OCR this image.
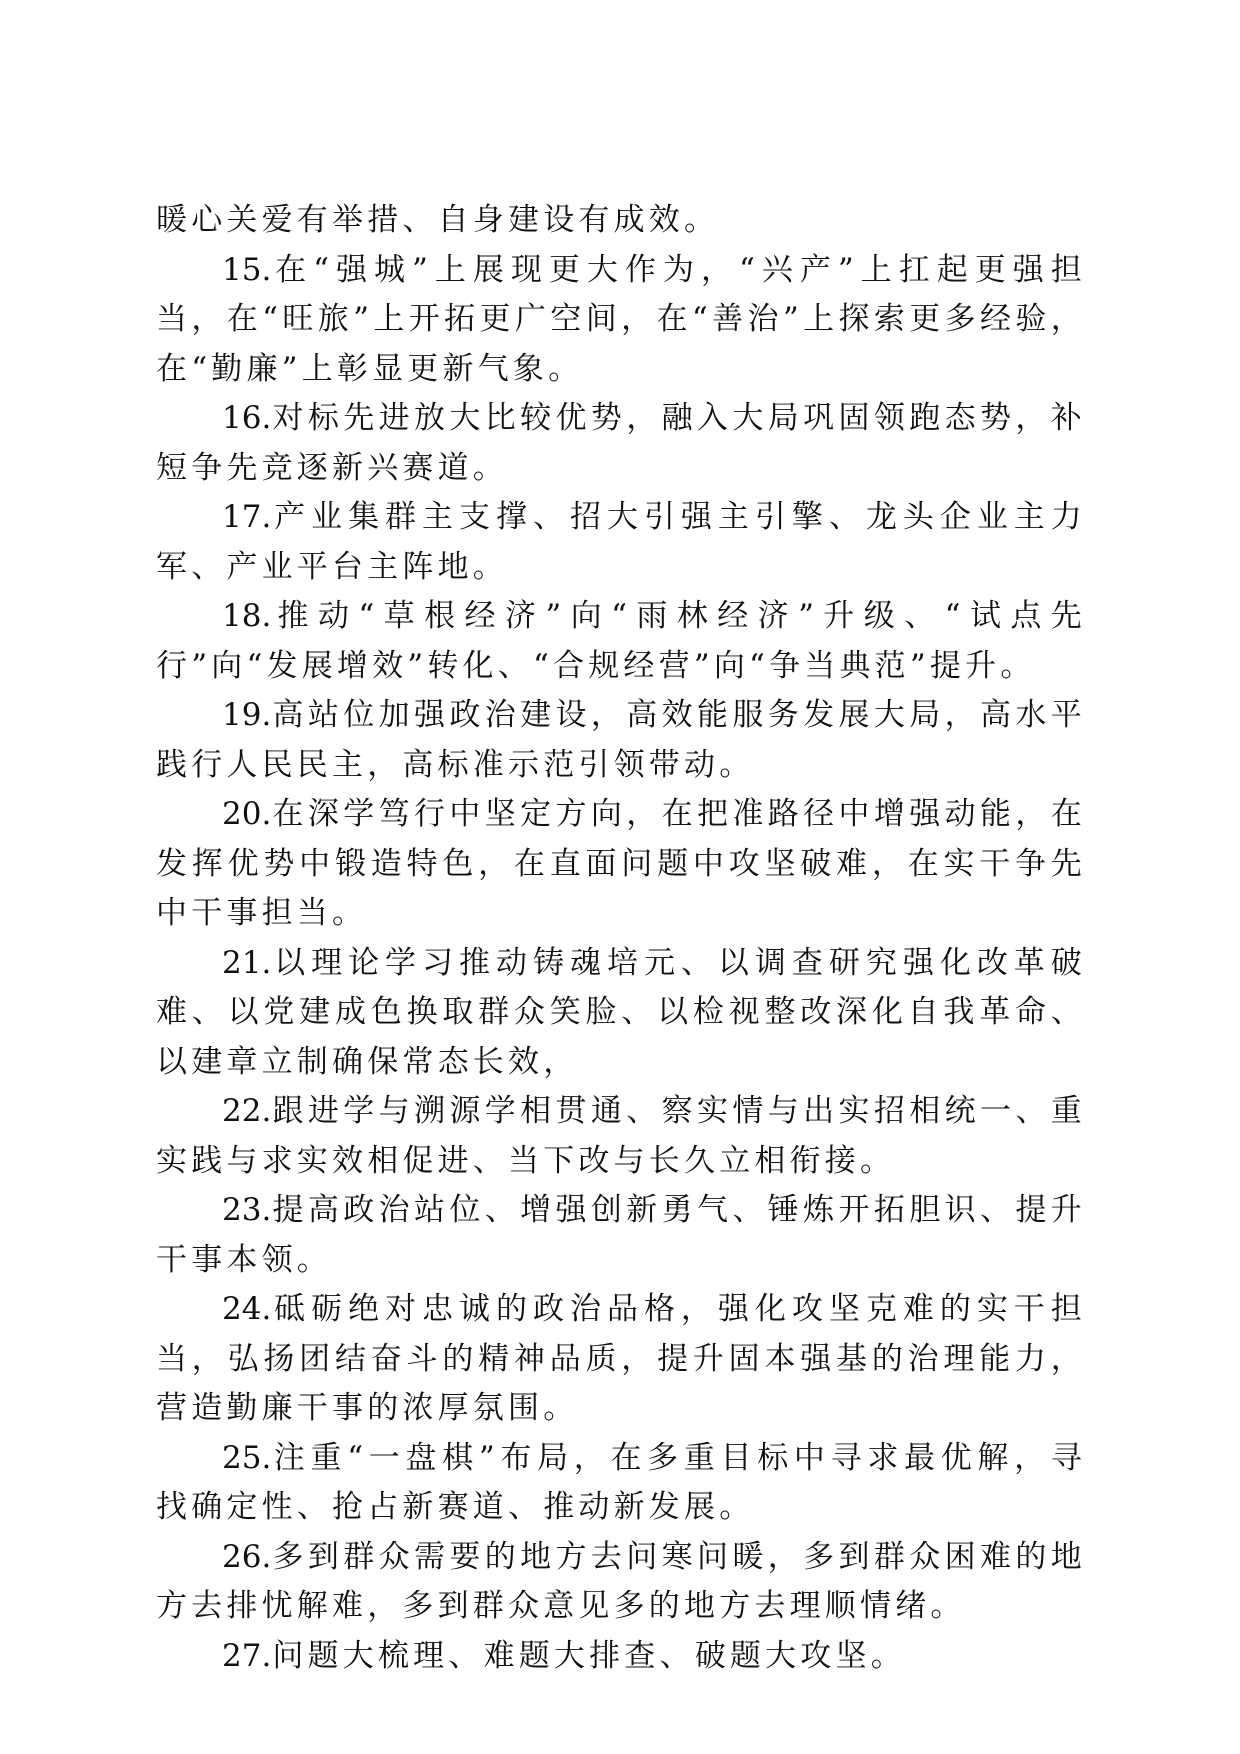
暖心关爱有举措、自身建设有成效。

15.在“强城”上展现更大作为，“兴产”上扛起更强担当，在“旺旅”上开拓更广空间，在“善治”上探索更多经验，在“勤廉”上彰显更新气象。

16.对标先进放大比较优势，融入大局巩固领跑态势，补短争先竞逐新兴赛道。

17.产业集群主支撑、招大引强主引擎、龙头企业主力军、产业平台主阵地。

18.推动“草根经济”向“雨林经济”升级、“试点先行”向“发展增效”转化、“合规经营”向“争当典范”提升。

19.高站位加强政治建设，高效能服务发展大局，高水平践行人民民主，高标准示范引领带动。

20.在深学笃行中坚定方向，在把准路径中增强动能，在发挥优势中锻造特色，在直面问题中攻坚破难，在实干争先中干事担当。

21.以理论学习推动铸魂培元、以调查研究强化改革破难、以党建成色换取群众笑脸、以检视整改深化自我革命、以建章立制确保常态长效，

22.跟进学与溯源学相贯通、察实情与出实招相统一、重实践与求实效相促进、当下改与长久立相衔接。

23.提高政治站位、增强创新勇气、锤炼开拓胆识、提升干事本领。

24.砥砺绝对忠诚的政治品格，强化攻坚克难的实干担当，弘扬团结奋斗的精神品质，提升固本强基的治理能力，营造勤廉干事的浓厚氛围。

25.注重“一盘棋”布局，在多重目标中寻求最优解，寻找确定性、抢占新赛道、推动新发展。

26.多到群众需要的地方去问寒问暖，多到群众困难的地方去排忧解难，多到群众意见多的地方去理顺情绪。

27.问题大梳理、难题大排查、破题大攻坚。
